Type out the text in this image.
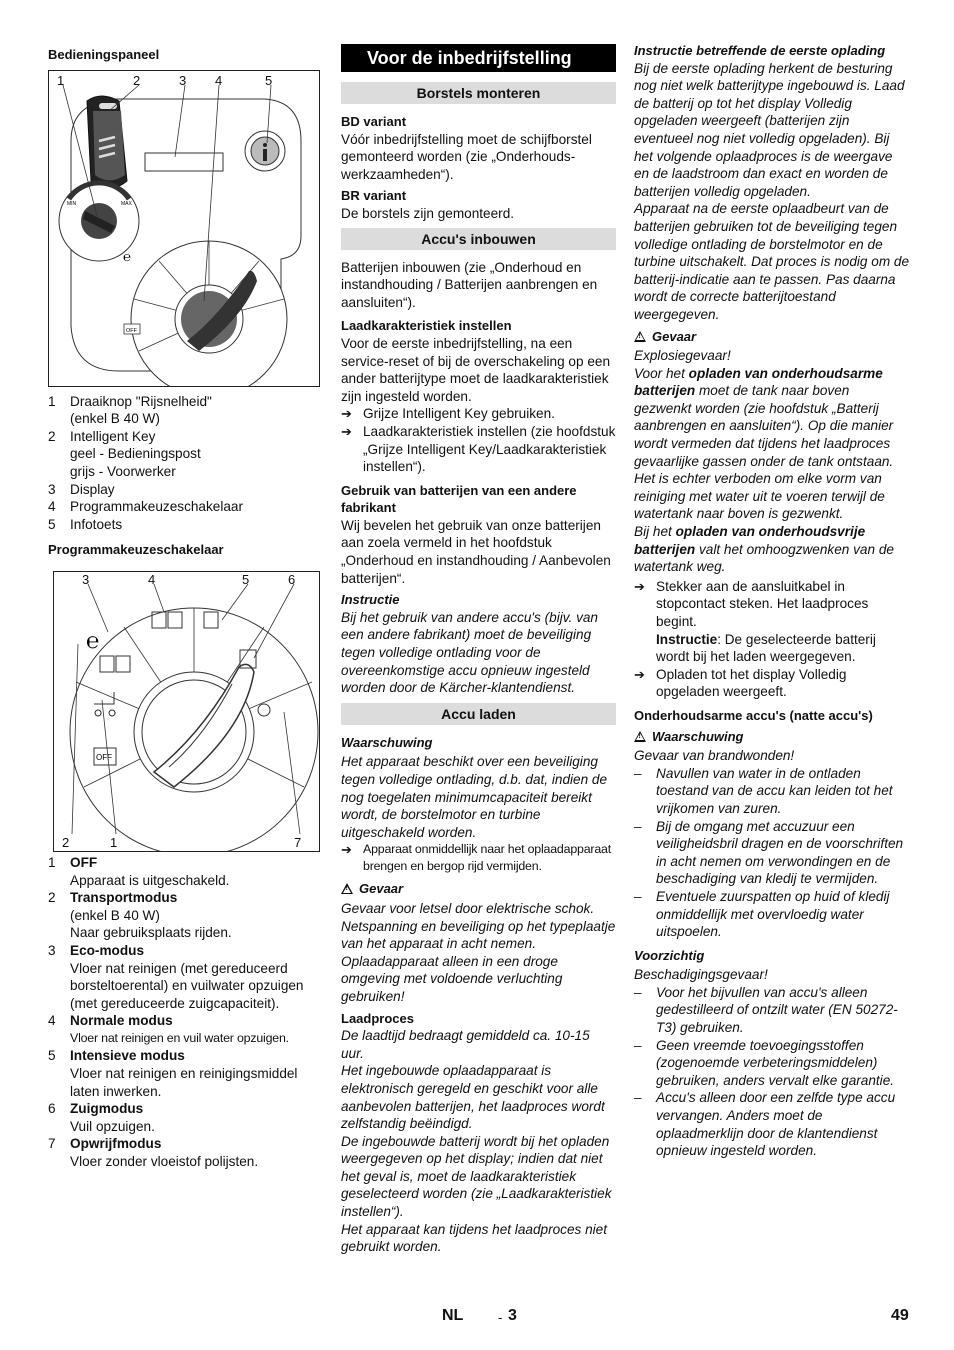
Bedieningspaneel
MIN	MAX
OFF
℮
1	2	3 4	5
1	Draaiknop "Rijsnelheid"
(enkel B 40 W)
2	Intelligent Key
geel - Bedieningspost
grijs - Voorwerker
3	Display
4	Programmakeuzeschakelaar
5	Infotoets
Programmakeuzeschakelaar
OFF
℮
3	4	5	6
2	1	7
1	OFF
Apparaat is uitgeschakeld.
2	Transportmodus
(enkel B 40 W)
Naar gebruiksplaats rijden.
3	Eco-modus
Vloer nat reinigen (met gereduceerd borsteltoerental) en vuilwater opzuigen (met gereduceerde zuigcapaciteit).
4	Normale modus
Vloer nat reinigen en vuil water opzuigen.
5	Intensieve modus
Vloer nat reinigen en reinigingsmiddel laten inwerken.
6	Zuigmodus
Vuil opzuigen.
7	Opwrijfmodus
Vloer zonder vloeistof polijsten.
Voor de inbedrijfstelling
Borstels monteren
BD variant

Vóór inbedrijfstelling moet de schijfborstel gemonteerd worden (zie „Onderhouds-werkzaamheden“).

BR variant

De borstels zijn gemonteerd.

Accu's inbouwen

Batterijen inbouwen (zie „Onderhoud en instandhouding / Batterijen aanbrengen en aansluiten“).

Laadkarakteristiek instellen

Voor de eerste inbedrijfstelling, na een service-reset of bij de overschakeling op een ander batterijtype moet de laadkarakteristiek zijn ingesteld worden.

➔ Grijze Intelligent Key gebruiken.
➔ Laadkarakteristiek instellen (zie hoofdstuk „Grijze Intelligent Key/Laadkarakteristiek instellen“).
Gebruik van batterijen van een andere fabrikant

Wij bevelen het gebruik van onze batterijen aan zoela vermeld in het hoofdstuk „Onderhoud en instandhouding / Aanbevolen batterijen“.

Instructie

Bij het gebruik van andere accu's (bijv. van een andere fabrikant) moet de beveiliging tegen volledige ontlading voor de overeenkomstige accu opnieuw ingesteld worden door de Kärcher-klantendienst.

Accu laden
Waarschuwing

Het apparaat beschikt over een beveiliging tegen volledige ontlading, d.b. dat, indien de nog toegelaten minimumcapaciteit bereikt wordt, de borstelmotor en turbine uitgeschakeld worden.

➔ Apparaat onmiddellijk naar het oplaadapparaat brengen en bergop rijd vermijden.
!Gevaar

Gevaar voor letsel door elektrische schok. Netspanning en beveiliging op het typeplaatje van het apparaat in acht nemen. Oplaadapparaat alleen in een droge omgeving met voldoende verluchting gebruiken!

Laadproces

De laadtijd bedraagt gemiddeld ca. 10-15 uur.

Het ingebouwde oplaadapparaat is elektronisch geregeld en geschikt voor alle aanbevolen batterijen, het laadproces wordt zelfstandig beëindigd.

De ingebouwde batterij wordt bij het opladen weergegeven op het display; indien dat niet het geval is, moet de laadkarakteristiek geselecteerd worden (zie „Laadkarakteristiek instellen“).

Het apparaat kan tijdens het laadproces niet gebruikt worden.

Instructie betreffende de eerste oplading

Bij de eerste oplading herkent de besturing nog niet welk batterijtype ingebouwd is. Laad de batterij op tot het display Volledig opgeladen weergeeft (batterijen zijn eventueel nog niet volledig opgeladen). Bij het volgende oplaadproces is de weergave en de laadstroom dan exact en worden de batterijen volledig opgeladen.

Apparaat na de eerste oplaadbeurt van de batterijen gebruiken tot de beveiliging tegen volledige ontlading de borstelmotor en de turbine uitschakelt. Dat proces is nodig om de batterij-indicatie aan te passen. Pas daarna wordt de correcte batterijtoestand weergegeven.

!Gevaar

Explosiegevaar!

Voor het opladen van onderhoudsarme batterijen moet de tank naar boven gezwenkt worden (zie hoofdstuk „Batterij aanbrengen en aansluiten“). Op die manier wordt vermeden dat tijdens het laadproces gevaarlijke gassen onder de tank ontstaan. Het is echter verboden om elke vorm van reiniging met water uit te voeren terwijl de watertank naar boven is gezwenkt.

Bij het opladen van onderhoudsvrije batterijen valt het omhoogzwenken van de watertank weg.

➔ Stekker aan de aansluitkabel in stopcontact steken. Het laadproces begint.
Instructie: De geselecteerde batterij wordt bij het laden weergegeven.
➔ Opladen tot het display Volledig opgeladen weergeeft.
Onderhoudsarme accu's (natte accu's)
!Waarschuwing

Gevaar van brandwonden!

–	Navullen van water in de ontladen toestand van de accu kan leiden tot het vrijkomen van zuren.
–	Bij de omgang met accuzuur een veiligheidsbril dragen en de voorschriften in acht nemen om verwondingen en de beschadiging van kledij te vermijden.
–	Eventuele zuurspatten op huid of kledij onmiddellijk met overvloedig water uitspoelen.
Voorzichtig

Beschadigingsgevaar!

–	Voor het bijvullen van accu's alleen gedestilleerd of ontzilt water (EN 50272-T3) gebruiken.
–	Geen vreemde toevoegingsstoffen (zogenoemde verbeteringsmiddelen) gebruiken, anders vervalt elke garantie.
–	Accu's alleen door een zelfde type accu vervangen. Anders moet de oplaadmerklijn door de klantendienst opnieuw ingesteld worden.
NL	- 3	49
